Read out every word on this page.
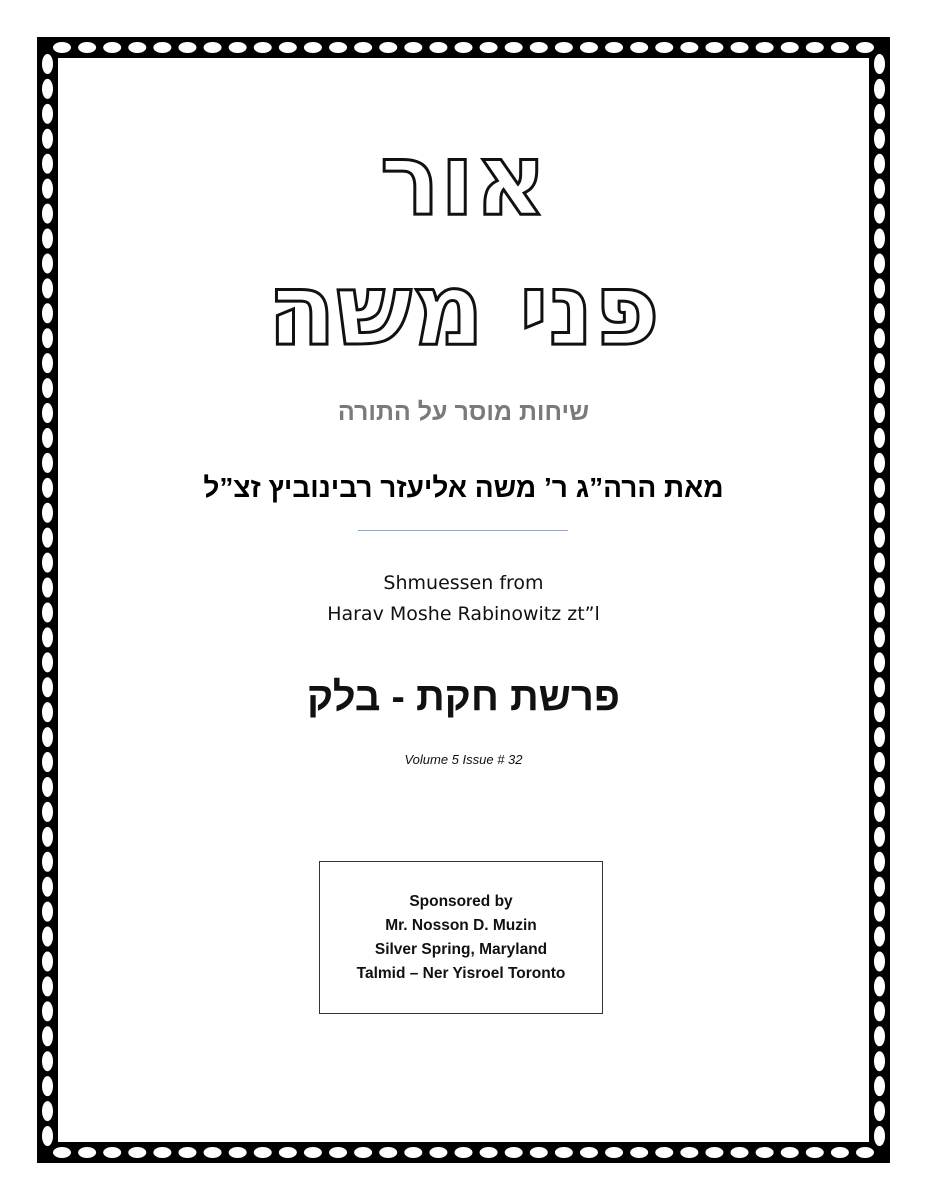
אור
פני משה
שיחות מוסר על התורה
מאת הרה”ג ר’ משה אליעזר רבינוביץ זצ”ל
Shmuessen from
Harav Moshe Rabinowitz zt”l
פרשת חקת - בלק
Volume 5 Issue # 32
Sponsored by
Mr. Nosson D. Muzin
Silver Spring, Maryland
Talmid – Ner Yisroel Toronto
